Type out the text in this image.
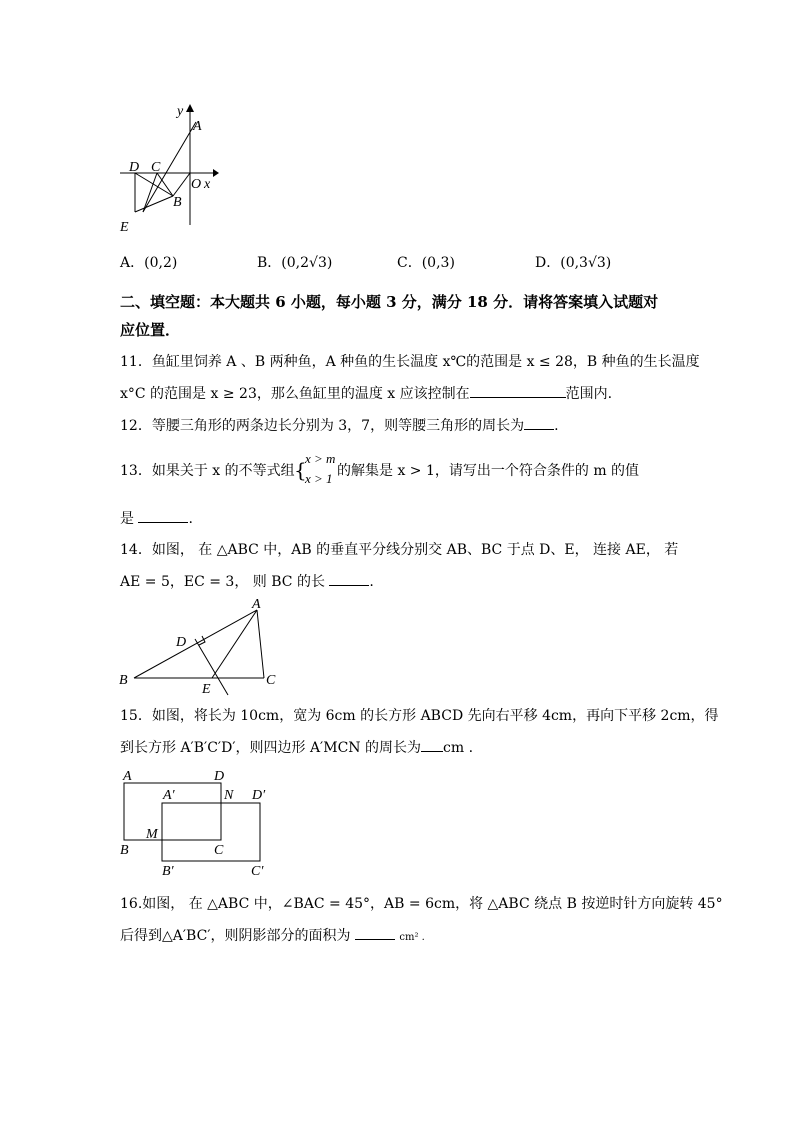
y
A
D C
O x
B
E
A．(0,2)	B．(0,2√3)	C．(0,3)	D．(0,3√3)
二、填空题：本大题共 6 小题，每小题 3 分，满分 18 分．请将答案填入试题对
应位置．
11．鱼缸里饲养 A 、B 两种鱼，A 种鱼的生长温度 x℃的范围是 x ≤ 28，B 种鱼的生长温度
x°C 的范围是 x ≥ 23，那么鱼缸里的温度 x 应该控制在	范围内.
12．等腰三角形的两条边长分别为 3，7，则等腰三角形的周长为 .
13．如果关于 x 的不等式组 {
x > m
x > 1 的解集是 x > 1，请写出一个符合条件的 m 的值
是	.
14．如图， 在 △ABC 中，AB 的垂直平分线分别交 AB、BC 于点 D、E， 连接 AE， 若
AE = 5，EC = 3， 则 BC 的长	.
A
D
B
E
C
15．如图，将长为 10cm，宽为 6cm 的长方形 ABCD 先向右平移 4cm，再向下平移 2cm，得
到长方形 A′B′C′D′，则四边形 A′MCN 的周长为 cm .
A	D
A′	N D′
M
B	C
B′	C′
16.如图， 在 △ABC 中，∠BAC = 45°，AB = 6cm，将 △ABC 绕点 B 按逆时针方向旋转 45°
后得到△A′BC′，则阴影部分的面积为	cm² .
